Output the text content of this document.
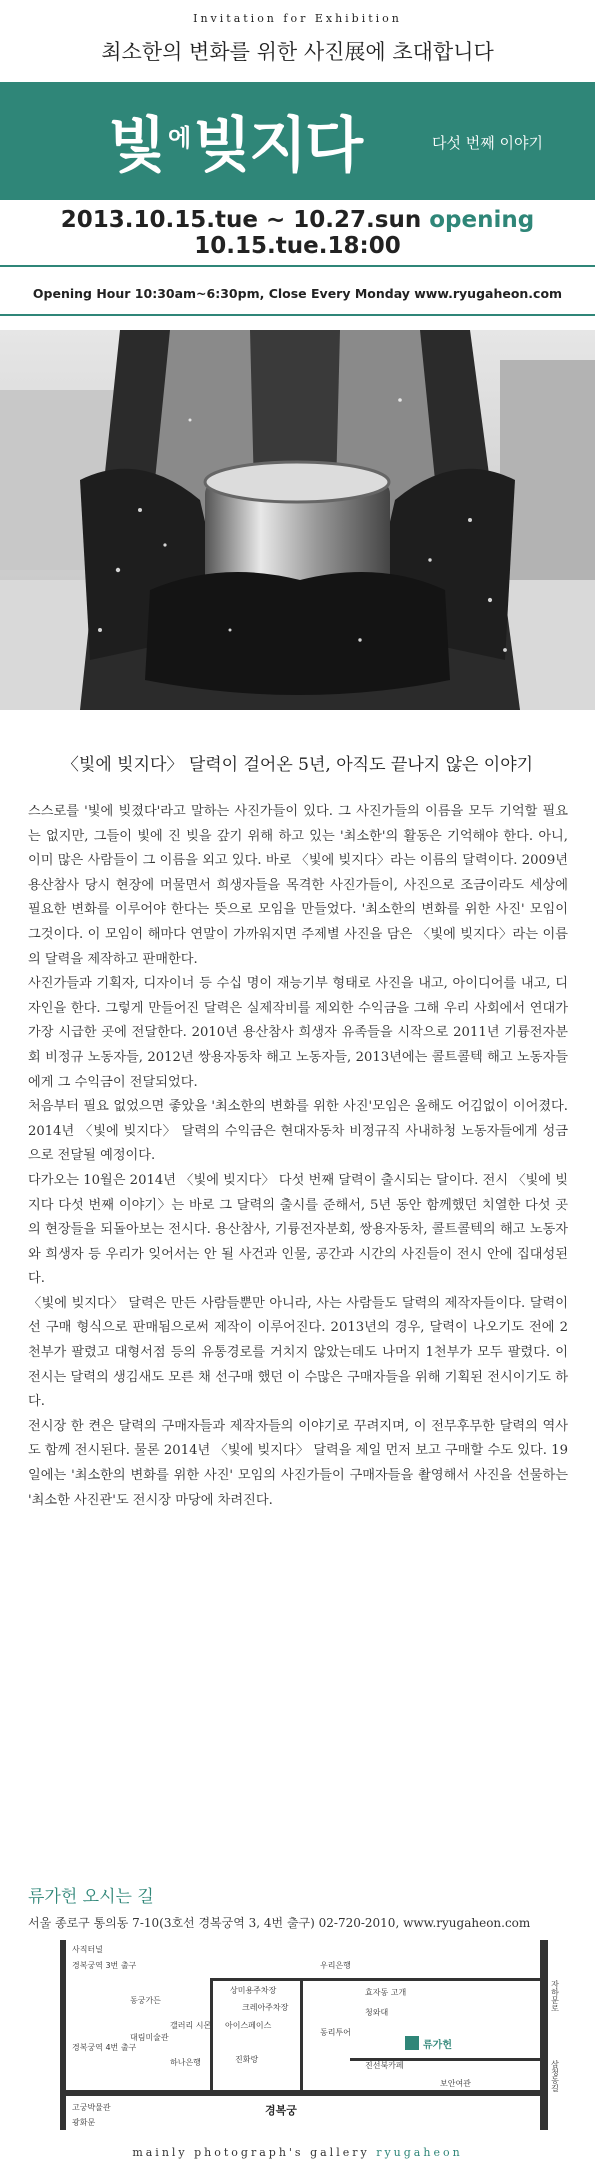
Invitation for Exhibition
최소한의 변화를 위한 사진展에 초대합니다
빛 $^에$빚지다	다섯 번째 이야기
2013.10.15.tue ~ 10.27.sun opening 10.15.tue.18:00
Opening Hour 10:30am~6:30pm, Close Every Monday www.ryugaheon.com
〈빛에 빚지다〉 달력이 걸어온 5년, 아직도 끝나지 않은 이야기

스스로를 '빛에 빚졌다'라고 말하는 사진가들이 있다. 그 사진가들의 이름을 모두 기억할 필요는 없지만, 그들이 빛에 진 빚을 갚기 위해 하고 있는 '최소한'의 활동은 기억해야 한다. 아니, 이미 많은 사람들이 그 이름을 외고 있다. 바로 〈빛에 빚지다〉라는 이름의 달력이다. 2009년 용산참사 당시 현장에 머물면서 희생자들을 목격한 사진가들이, 사진으로 조금이라도 세상에 필요한 변화를 이루어야 한다는 뜻으로 모임을 만들었다. '최소한의 변화를 위한 사진' 모임이 그것이다. 이 모임이 해마다 연말이 가까워지면 주제별 사진을 담은 〈빛에 빚지다〉라는 이름의 달력을 제작하고 판매한다.

사진가들과 기획자, 디자이너 등 수십 명이 재능기부 형태로 사진을 내고, 아이디어를 내고, 디자인을 한다. 그렇게 만들어진 달력은 실제작비를 제외한 수익금을 그해 우리 사회에서 연대가 가장 시급한 곳에 전달한다. 2010년 용산참사 희생자 유족들을 시작으로 2011년 기륭전자분회 비정규 노동자들, 2012년 쌍용자동차 해고 노동자들, 2013년에는 콜트콜텍 해고 노동자들에게 그 수익금이 전달되었다.

처음부터 필요 없었으면 좋았을 '최소한의 변화를 위한 사진'모임은 올해도 어김없이 이어졌다. 2014년 〈빛에 빚지다〉 달력의 수익금은 현대자동차 비정규직 사내하청 노동자들에게 성금으로 전달될 예정이다.

다가오는 10월은 2014년 〈빛에 빚지다〉 다섯 번째 달력이 출시되는 달이다. 전시 〈빛에 빚지다 다섯 번째 이야기〉는 바로 그 달력의 출시를 준해서, 5년 동안 함께했던 치열한 다섯 곳의 현장들을 되돌아보는 전시다. 용산참사, 기륭전자분회, 쌍용자동차, 콜트콜텍의 해고 노동자와 희생자 등 우리가 잊어서는 안 될 사건과 인물, 공간과 시간의 사진들이 전시 안에 집대성된다.

〈빛에 빚지다〉 달력은 만든 사람들뿐만 아니라, 사는 사람들도 달력의 제작자들이다. 달력이 선 구매 형식으로 판매됨으로써 제작이 이루어진다. 2013년의 경우, 달력이 나오기도 전에 2천부가 팔렸고 대형서점 등의 유통경로를 거치지 않았는데도 나머지 1천부가 모두 팔렸다. 이 전시는 달력의 생김새도 모른 채 선구매 했던 이 수많은 구매자들을 위해 기획된 전시이기도 하다.

전시장 한 켠은 달력의 구매자들과 제작자들의 이야기로 꾸려지며, 이 전무후무한 달력의 역사도 함께 전시된다. 물론 2014년 〈빛에 빚지다〉 달력을 제일 먼저 보고 구매할 수도 있다. 19일에는 '최소한의 변화를 위한 사진' 모임의 사진가들이 구매자들을 촬영해서 사진을 선물하는 '최소한 사진관'도 전시장 마당에 차려진다.

류가헌 오시는 길
서울 종로구 통의동 7-10(3호선 경복궁역 3, 4번 출구) 02-720-2010, www.ryugaheon.com
사직터널
경복궁역 3번 출구	우리은행
동궁가든
상미용주차장
크레아주차장
효자동 고개
청와대
갤러리 시몬 아이스페이스
동리투어
경복궁역 4번 출구
대림미술관
하나은행	진화랑
진선북카페
보안여관
고궁박물관
광화문
류가헌
경복궁
자하문로
삼청동길
mainly photograph's gallery ryugaheon
